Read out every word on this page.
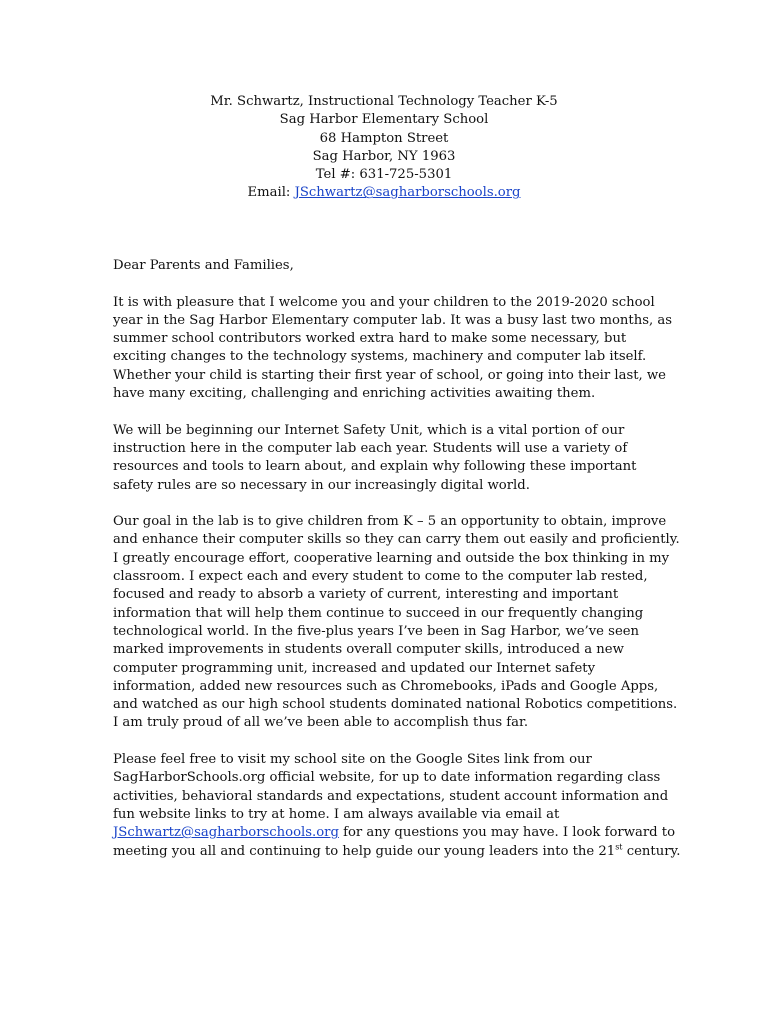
Mr. Schwartz, Instructional Technology Teacher K-5
Sag Harbor Elementary School
68 Hampton Street
Sag Harbor, NY 1963
Tel #: 631-725-5301
Email: JSchwartz@sagharborschools.org

Dear Parents and Families,

It is with pleasure that I welcome you and your children to the 2019-2020 school
year in the Sag Harbor Elementary computer lab. It was a busy last two months, as
summer school contributors worked extra hard to make some necessary, but
exciting changes to the technology systems, machinery and computer lab itself.
Whether your child is starting their first year of school, or going into their last, we
have many exciting, challenging and enriching activities awaiting them.

We will be beginning our Internet Safety Unit, which is a vital portion of our
instruction here in the computer lab each year. Students will use a variety of
resources and tools to learn about, and explain why following these important
safety rules are so necessary in our increasingly digital world.

Our goal in the lab is to give children from K – 5 an opportunity to obtain, improve
and enhance their computer skills so they can carry them out easily and proficiently.
I greatly encourage effort, cooperative learning and outside the box thinking in my
classroom. I expect each and every student to come to the computer lab rested,
focused and ready to absorb a variety of current, interesting and important
information that will help them continue to succeed in our frequently changing
technological world. In the five-plus years I’ve been in Sag Harbor, we’ve seen
marked improvements in students overall computer skills, introduced a new
computer programming unit, increased and updated our Internet safety
information, added new resources such as Chromebooks, iPads and Google Apps,
and watched as our high school students dominated national Robotics competitions.
I am truly proud of all we’ve been able to accomplish thus far.

Please feel free to visit my school site on the Google Sites link from our
SagHarborSchools.org official website, for up to date information regarding class
activities, behavioral standards and expectations, student account information and
fun website links to try at home. I am always available via email at
JSchwartz@sagharborschools.org for any questions you may have. I look forward to
meeting you all and continuing to help guide our young leaders into the 21st century.
